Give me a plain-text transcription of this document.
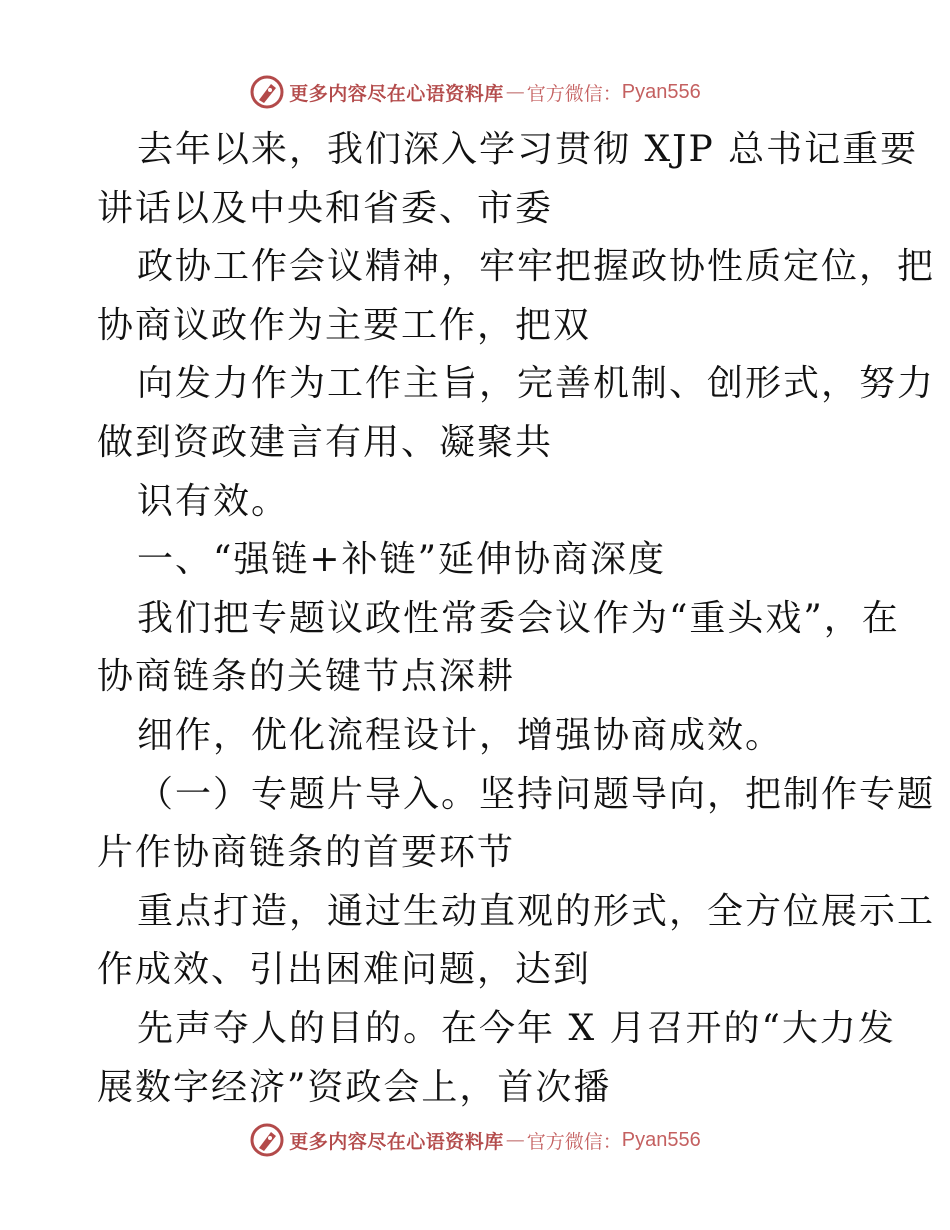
更多内容尽在心语资料库 — 官方微信： Pyan556
去年以来，我们深入学习贯彻 XJP 总书记重要
讲话以及中央和省委、市委
政协工作会议精神，牢牢把握政协性质定位，把
协商议政作为主要工作，把双
向发力作为工作主旨，完善机制、创形式，努力
做到资政建言有用、凝聚共
识有效。
一、“强链+补链”延伸协商深度
我们把专题议政性常委会议作为“重头戏”，在
协商链条的关键节点深耕
细作，优化流程设计，增强协商成效。
（一）专题片导入。坚持问题导向，把制作专题
片作协商链条的首要环节
重点打造，通过生动直观的形式，全方位展示工
作成效、引出困难问题，达到
先声夺人的目的。在今年 X 月召开的“大力发
展数字经济”资政会上，首次播
更多内容尽在心语资料库 — 官方微信： Pyan556
